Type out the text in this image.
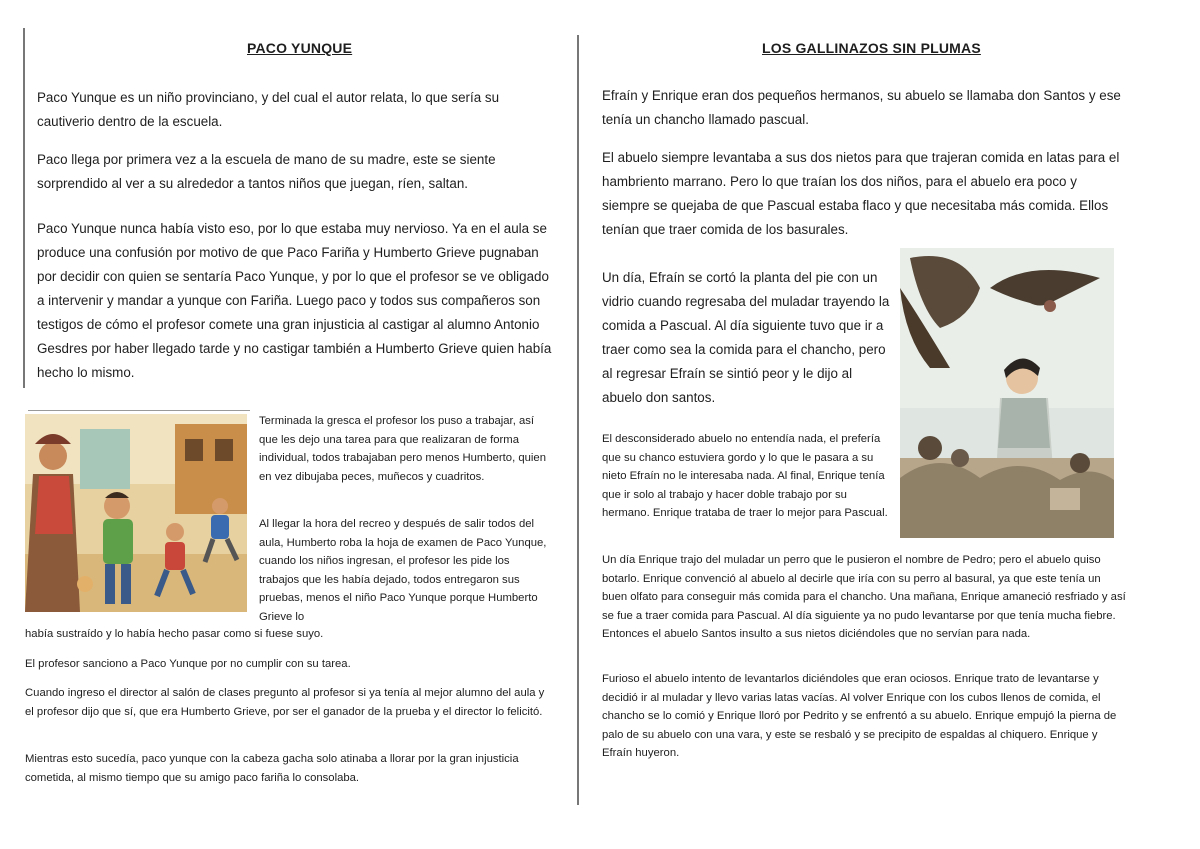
PACO YUNQUE

Paco Yunque es un niño provinciano, y del cual el autor relata, lo que sería su cautiverio dentro de la escuela.

Paco llega por primera vez a la escuela de mano de su madre, este se siente sorprendido al ver a su alrededor a tantos niños que juegan, ríen, saltan.

Paco Yunque nunca había visto eso, por lo que estaba muy nervioso. Ya en el aula se produce una confusión por motivo de que Paco Fariña y Humberto Grieve pugnaban por decidir con quien se sentaría Paco Yunque, y por lo que el profesor se ve obligado a intervenir y mandar a yunque con Fariña. Luego paco y todos sus compañeros son testigos de cómo el profesor comete una gran injusticia al castigar al alumno Antonio Gesdres por haber llegado tarde y no castigar también a Humberto Grieve quien había hecho lo mismo.

Terminada la gresca el profesor los puso a trabajar, así que les dejo una tarea para que realizaran de forma individual, todos trabajaban pero menos Humberto, quien en vez dibujaba peces, muñecos y cuadritos.

Al llegar la hora del recreo y después de salir todos del aula, Humberto roba la hoja de examen de Paco Yunque, cuando los niños ingresan, el profesor les pide los trabajos que les había dejado, todos entregaron sus pruebas, menos el niño Paco Yunque porque Humberto Grieve lo

había sustraído y lo había hecho pasar como si fuese suyo.

El profesor sanciono a Paco Yunque por no cumplir con su tarea.

Cuando ingreso el director al salón de clases pregunto al profesor si ya tenía al mejor alumno del aula y el profesor dijo que sí, que era Humberto Grieve, por ser el ganador de la prueba y el director lo felicitó.

Mientras esto sucedía, paco yunque con la cabeza gacha solo atinaba a llorar por la gran injusticia cometida, al mismo tiempo que su amigo paco fariña lo consolaba.

LOS GALLINAZOS SIN PLUMAS

Efraín y Enrique eran dos pequeños hermanos, su abuelo se llamaba don Santos y ese tenía un chancho llamado pascual.

El abuelo siempre levantaba a sus dos nietos para que trajeran comida en latas para el hambriento marrano. Pero lo que traían los dos niños, para el abuelo era poco y siempre se quejaba de que Pascual estaba flaco y que necesitaba más comida. Ellos tenían que traer comida de los basurales.

Un día, Efraín se cortó la planta del pie con un vidrio cuando regresaba del muladar trayendo la comida a Pascual. Al día siguiente tuvo que ir a traer como sea la comida para el chancho, pero al regresar Efraín se sintió peor y le dijo al abuelo don santos.

El desconsiderado abuelo no entendía nada, el prefería que su chanco estuviera gordo y lo que le pasara a su nieto Efraín no le interesaba nada. Al final, Enrique tenía que ir solo al trabajo y hacer doble trabajo por su hermano. Enrique trataba de traer lo mejor para Pascual.

Un día Enrique trajo del muladar un perro que le pusieron el nombre de Pedro; pero el abuelo quiso botarlo. Enrique convenció al abuelo al decirle que iría con su perro al basural, ya que este tenía un buen olfato para conseguir más comida para el chancho. Una mañana, Enrique amaneció resfriado y así se fue a traer comida para Pascual. Al día siguiente ya no pudo levantarse por que tenía mucha fiebre. Entonces el abuelo Santos insulto a sus nietos diciéndoles que no servían para nada.

Furioso el abuelo intento de levantarlos diciéndoles que eran ociosos. Enrique trato de levantarse y decidió ir al muladar y llevo varias latas vacías. Al volver Enrique con los cubos llenos de comida, el chancho se lo comió y Enrique lloró por Pedrito y se enfrentó a su abuelo. Enrique empujó la pierna de palo de su abuelo con una vara, y este se resbaló y se precipito de espaldas al chiquero. Enrique y Efraín huyeron.
